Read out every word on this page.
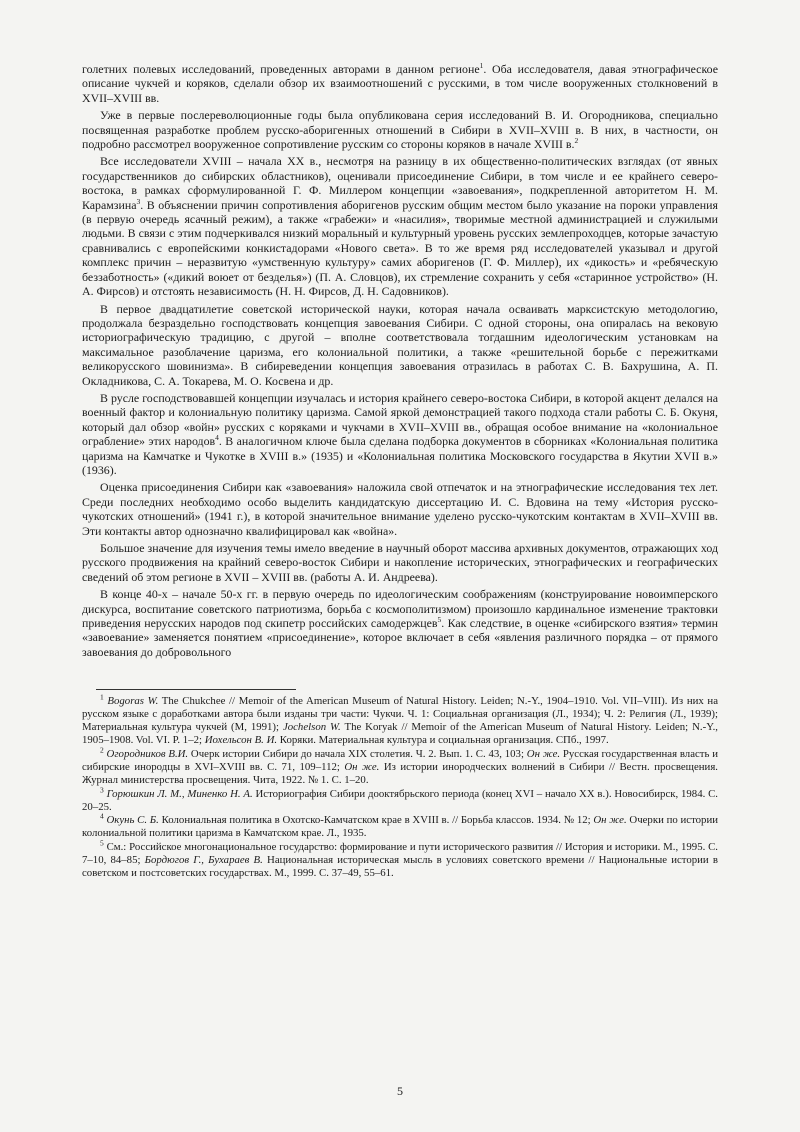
голетних полевых исследований, проведенных авторами в данном регионе$^1$. Оба исследователя, давая этнографическое описание чукчей и коряков, сделали обзор их взаимоотношений с русскими, в том числе вооруженных столкновений в XVII–XVIII вв.

Уже в первые послереволюционные годы была опубликована серия исследований В. И. Огородникова, специально посвященная разработке проблем русско-аборигенных отношений в Сибири в XVII–XVIII в. В них, в частности, он подробно рассмотрел вооруженное сопротивление русским со стороны коряков в начале XVIII в.$^2$

Все исследователи XVIII – начала XX в., несмотря на разницу в их общественно-политических взглядах (от явных государственников до сибирских областников), оценивали присоединение Сибири, в том числе и ее крайнего северо-востока, в рамках сформулированной Г. Ф. Миллером концепции «завоевания», подкрепленной авторитетом Н. М. Карамзина$^3$. В объяснении причин сопротивления аборигенов русским общим местом было указание на пороки управления (в первую очередь ясачный режим), а также «грабежи» и «насилия», творимые местной администрацией и служилыми людьми. В связи с этим подчеркивался низкий моральный и культурный уровень русских землепроходцев, которые зачастую сравнивались с европейскими конкистадорами «Нового света». В то же время ряд исследователей указывал и другой комплекс причин – неразвитую «умственную культуру» самих аборигенов (Г. Ф. Миллер), их «дикость» и «ребяческую беззаботность» («дикий воюет от безделья») (П. А. Словцов), их стремление сохранить у себя «старинное устройство» (Н. А. Фирсов) и отстоять независимость (Н. Н. Фирсов, Д. Н. Садовников).

В первое двадцатилетие советской исторической науки, которая начала осваивать марксистскую методологию, продолжала безраздельно господствовать концепция завоевания Сибири. С одной стороны, она опиралась на вековую историографическую традицию, с другой – вполне соответствовала тогдашним идеологическим установкам на максимальное разоблачение царизма, его колониальной политики, а также «решительной борьбе с пережитками великорусского шовинизма». В сибиреведении концепция завоевания отразилась в работах С. В. Бахрушина, А. П. Окладникова, С. А. Токарева, М. О. Косвена и др.

В русле господствовавшей концепции изучалась и история крайнего северо-востока Сибири, в которой акцент делался на военный фактор и колониальную политику царизма. Самой яркой демонстрацией такого подхода стали работы С. Б. Окуня, который дал обзор «войн» русских с коряками и чукчами в XVII–XVIII вв., обращая особое внимание на «колониальное ограбление» этих народов$^4$. В аналогичном ключе была сделана подборка документов в сборниках «Колониальная политика царизма на Камчатке и Чукотке в XVIII в.» (1935) и «Колониальная политика Московского государства в Якутии XVII в.» (1936).

Оценка присоединения Сибири как «завоевания» наложила свой отпечаток и на этнографические исследования тех лет. Среди последних необходимо особо выделить кандидатскую диссертацию И. С. Вдовина на тему «История русско-чукотских отношений» (1941 г.), в которой значительное внимание уделено русско-чукотским контактам в XVII–XVIII вв. Эти контакты автор однозначно квалифицировал как «война».

Большое значение для изучения темы имело введение в научный оборот массива архивных документов, отражающих ход русского продвижения на крайний северо-восток Сибири и накопление исторических, этнографических и географических сведений об этом регионе в XVII – XVIII вв. (работы А. И. Андреева).

В конце 40-х – начале 50-х гг. в первую очередь по идеологическим соображениям (конструирование новоимперского дискурса, воспитание советского патриотизма, борьба с космополитизмом) произошло кардинальное изменение трактовки приведения нерусских народов под скипетр российских самодержцев$^5$. Как следствие, в оценке «сибирского взятия» термин «завоевание» заменяется понятием «присоединение», которое включает в себя «явления различного порядка – от прямого завоевания до добровольного

$^1$ Bogoras W. The Chukchee // Memoir of the American Museum of Natural History. Leiden; N.-Y., 1904–1910. Vol. VII–VIII). Из них на русском языке с доработками автора были изданы три части: Чукчи. Ч. 1: Социальная организация (Л., 1934); Ч. 2: Религия (Л., 1939); Материальная культура чукчей (М, 1991); Jochelson W. The Koryak // Memoir of the American Museum of Natural History. Leiden; N.-Y., 1905–1908. Vol. VI. P. 1–2; Иохельсон В. И. Коряки. Материальная культура и социальная организация. СПб., 1997.

$^2$ Огородников В.И. Очерк истории Сибири до начала XIX столетия. Ч. 2. Вып. 1. С. 43, 103; Он же. Русская государственная власть и сибирские инородцы в XVI–XVIII вв. С. 71, 109–112; Он же. Из истории инородческих волнений в Сибири // Вестн. просвещения. Журнал министерства просвещения. Чита, 1922. № 1. С. 1–20.

$^3$ Горюшкин Л. М., Миненко Н. А. Историография Сибири дооктябрьского периода (конец XVI – начало XX в.). Новосибирск, 1984. С. 20–25.

$^4$ Окунь С. Б. Колониальная политика в Охотско-Камчатском крае в XVIII в. // Борьба классов. 1934. № 12; Он же. Очерки по истории колониальной политики царизма в Камчатском крае. Л., 1935.

$^5$ См.: Российское многонациональное государство: формирование и пути исторического развития // История и историки. М., 1995. С. 7–10, 84–85; Бордюгов Г., Бухараев В. Национальная историческая мысль в условиях советского времени // Национальные истории в советском и постсоветских государствах. М., 1999. С. 37–49, 55–61.

5
